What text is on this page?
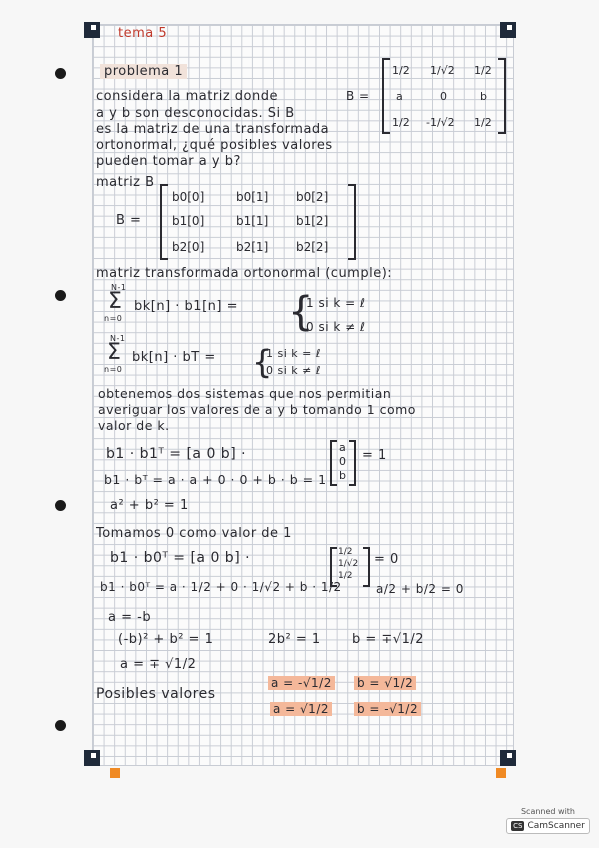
tema 5
problema 1
considera la matriz donde
a y b son desconocidas. Si B
es la matriz de una transformada
ortonormal, ¿qué posibles valores
pueden tomar a y b?
B =
1/2 1/√2 1/2
a	0	b
1/2 -1/√2 1/2
matriz B
B =
b0[0]	b0[1] b0[2]
b1[0]	b1[1] b1[2]
b2[0]	b2[1] b2[2]
matriz transformada ortonormal (cumple):
N-1
Σ
n=0
bk[n] · b1[n] = {
1 si k = ℓ
0 si k ≠ ℓ
N-1
Σ
n=0
bk[n] · bT = {
1 si k = ℓ
0 si k ≠ ℓ
obtenemos dos sistemas que nos permitian
averiguar los valores de a y b tomando 1 como
valor de k.
b1 · b1ᵀ = [a 0 b] ·	a
0
b
= 1
b1 · bᵀ = a · a + 0 · 0 + b · b = 1
a² + b² = 1
Tomamos 0 como valor de 1
b1 · b0ᵀ = [a 0 b] ·	1/2
1/√2
1/2
= 0
b1 · b0ᵀ = a · 1/2 + 0 · 1/√2 + b · 1/2	a/2 + b/2 = 0
a = -b
(-b)² + b² = 1	2b² = 1 b = ∓√1/2
a = ∓ √1/2
Posibles valores
a = -√1/2 b = √1/2
a = √1/2 b = -√1/2
Scanned with
CS CamScanner
